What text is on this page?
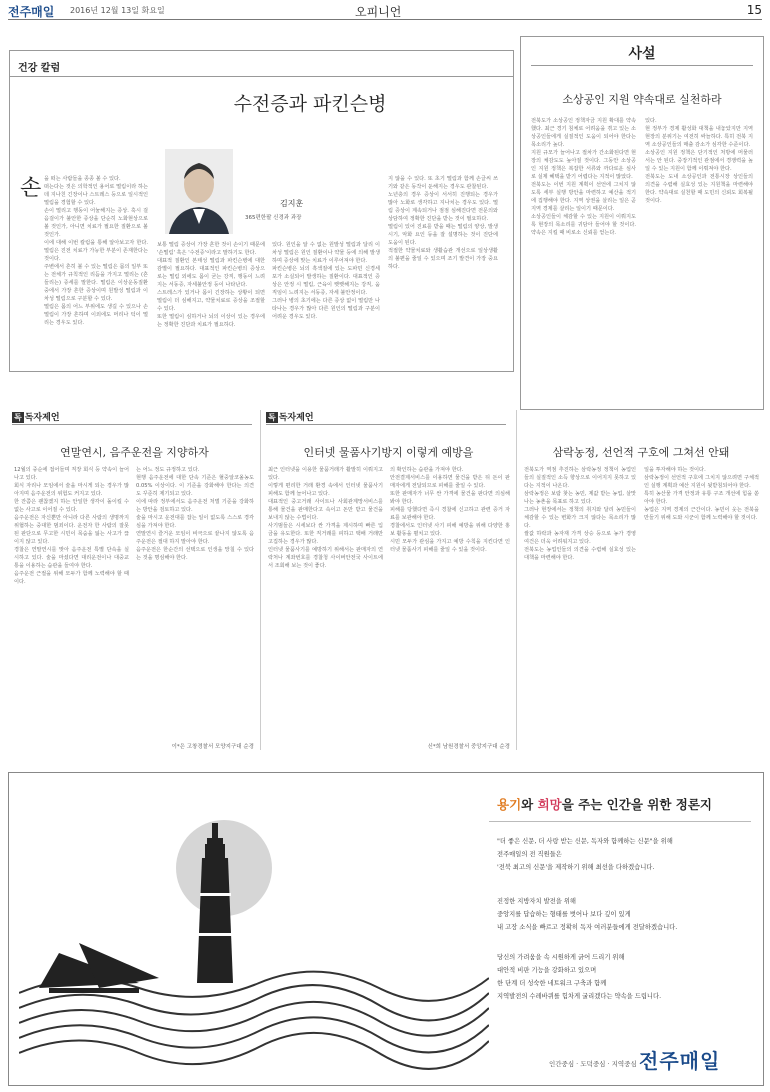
전주매일 2016년 12월 13일 화요일	오피니언	15
건강 칼럼
수전증과 파킨슨병
김지훈
365편한팔 신경과 과장
손 을 떠는 사람들을 종종 볼 수 있다.
떠는다는 것은 의학적인 용어로 떨림이라 하는데 지나친 긴장이나 스트레스 등으로 일시적인 떨림을 경험할 수 있다.
손이 떨리고 행동이 어눌해지는 증상. 혹시 걸음걸이가 불안한 증상을 단순히 노화현상으로 볼 것인가, 아니면 치료가 필요한 질환으로 볼 것인가.
이에 대해 이번 칼럼을 통해 알아보고자 한다. 떨림은 진전 치료가 가능한 부분이 존재한다는 것이다.
주변에서 흔히 볼 수 있는 떨림은 몸의 일부 또는 전체가 규칙적인 리듬을 가지고 떨리는 (흔들리는) 증세를 말한다. 떨림은 이상운동질환 중에서 가장 흔한 증상이며 원발성 떨림과 이차성 떨림으로 구분할 수 있다.
떨림은 몸의 어느 부위에도 생길 수 있으나 손떨림이 가장 흔하며 이외에도 머리나 턱이 떨리는 경우도 있다.
보통 떨림 증상이 가장 흔한 것이 손이기 때문에 '손떨림' 혹은 '수전증'이라고 말하기도 한다.
대표적 질환인 본태성 떨림과 파킨슨병에 대한 감별이 필요하다. 대표적인 파킨슨병의 증상으로는 떨림 외에도 몸이 굳는 강직, 행동이 느려지는 서동증, 자세불안정 등이 나타난다.
스트레스가 있거나 몸이 긴장하는 상황이 되면 떨림이 더 심해지고, 약물치료로 증상을 조절할 수 있다.
또한 떨림이 심하거나 뇌의 이상이 있는 경우에는 정확한 진단과 치료가 필요하다.
있다. 원인을 알 수 없는 원발성 떨림과 달리 이차성 떨림은 원인 질환이나 약물 등에 의해 발생하며 증상에 맞는 치료가 이루어져야 한다.
파킨슨병은 뇌의 흑색질에 있는 도파민 신경세포가 소실되어 발생하는 질환이다. 대표적인 증상은 안정 시 떨림, 근육이 뻣뻣해지는 강직, 움직임이 느려지는 서동증, 자세 불안정이다.
그러나 병의 초기에는 다른 증상 없이 떨림만 나타나는 경우가 많아 다른 원인의 떨림과 구분이 어려운 경우도 있다.
지 않을 수 있다. 또 초기 떨림과 함께 손글씨 쓰기와 같은 동작이 둔해지는 경우도 관찰된다.
노년층의 경우 증상이 서서히 진행되는 경우가 많아 노화로 생각하고 지나치는 경우도 있다. 떨림 증상이 계속되거나 점점 심해진다면 전문의와 상담하여 정확한 진단을 받는 것이 필요하다.
떨림이 있어 진료를 받을 때는 떨림의 양상, 발생 시기, 악화 요인 등을 잘 설명하는 것이 진단에 도움이 된다.
적절한 약물치료와 생활습관 개선으로 일상생활의 불편을 줄일 수 있으며 조기 발견이 가장 중요하다.
사설
소상공인 지원 약속대로 실천하라
전북도가 소상공인 정책자금 지원 확대를 약속했다. 최근 경기 침체로 어려움을 겪고 있는 소상공인들에게 실질적인 도움이 되어야 한다는 목소리가 높다.
지원 규모가 늘어나고 절차가 간소화된다면 현장의 체감도도 높아질 것이다. 그동안 소상공인 지원 정책은 복잡한 서류와 까다로운 심사로 실제 혜택을 받기 어렵다는 지적이 많았다.
전북도는 이번 지원 계획이 선언에 그치지 않도록 세부 실행 방안을 마련하고 예산을 적기에 집행해야 한다. 지역 상권을 살리는 일은 곧 지역 경제를 살리는 일이기 때문이다.
소상공인들이 체감할 수 있는 지원이 이뤄지도록 현장의 목소리를 귀담아 들어야 할 것이다. 약속은 지킬 때 비로소 신뢰를 얻는다.
있다.
현 정부가 경제 활성화 대책을 내놓았지만 지역 현장의 분위기는 여전히 싸늘하다. 특히 전북 지역 소상공인들의 매출 감소가 심각한 수준이다.
소상공인 지원 정책은 단기적인 처방에 머물러서는 안 된다. 중장기적인 관점에서 경쟁력을 높일 수 있는 지원이 함께 이뤄져야 한다.
전북도는 도내 소상공인과 전통시장 상인들의 의견을 수렴해 실효성 있는 지원책을 마련해야 한다. 약속대로 실천할 때 도민의 신뢰도 회복될 것이다.
독 독자제언
연말연시, 음주운전을 지양하자
12월의 중순에 접어들며 직장 회식 등 약속이 늘어나고 있다.
회식 자리나 모임에서 술을 마시게 되는 경우가 많아지며 음주운전의 위험도 커지고 있다.
한 잔쯤은 괜찮겠지 하는 안일한 생각이 돌이킬 수 없는 사고로 이어질 수 있다.
음주운전은 자신뿐만 아니라 다른 사람의 생명까지 위협하는 중대한 범죄이다. 운전자 한 사람의 잘못된 판단으로 무고한 시민이 목숨을 잃는 사고가 끊이지 않고 있다.
경찰은 연말연시를 맞아 음주운전 특별 단속을 실시하고 있다. 술을 마셨다면 대리운전이나 대중교통을 이용하는 습관을 들여야 한다.
음주운전 근절을 위해 모두가 함께 노력해야 할 때이다.
는 어느 정도 규정하고 있다.
현행 음주운전에 대한 단속 기준은 혈중알코올농도 0.05% 이상이다. 이 기준을 강화해야 한다는 의견도 꾸준히 제기되고 있다.
이에 따라 정부에서도 음주운전 처벌 기준을 강화하는 방안을 검토하고 있다.
술을 마시고 운전대를 잡는 일이 없도록 스스로 경각심을 가져야 한다.
연말연시 즐거운 모임이 비극으로 끝나지 않도록 음주운전은 절대 하지 말아야 한다.
음주운전은 한순간의 선택으로 인생을 망칠 수 있다는 것을 명심해야 한다.
이*은 고창경찰서 모양지구대 순경
독 독자제언
인터넷 물품사기방지 이렇게 예방을
최근 인터넷을 이용한 물품거래가 활발히 이뤄지고 있다.
이렇게 편리한 거래 환경 속에서 인터넷 물품사기 피해도 함께 늘어나고 있다.
대표적인 중고거래 사이트나 사회관계망서비스를 통해 물건을 판매한다고 속이고 돈만 받고 물건을 보내지 않는 수법이다.
사기범들은 시세보다 싼 가격을 제시하며 빠른 입금을 유도한다. 또한 직거래를 피하고 택배 거래만 고집하는 경우가 많다.
인터넷 물품사기를 예방하기 위해서는 판매자의 연락처나 계좌번호를 경찰청 사이버안전국 사이트에서 조회해 보는 것이 좋다.
의 확인하는 습관을 가져야 한다.
안전결제서비스를 이용하면 물건을 받은 뒤 돈이 판매자에게 전달되므로 피해를 줄일 수 있다.
또한 판매자가 너무 싼 가격에 물건을 판다면 의심해 봐야 한다.
피해를 당했다면 즉시 경찰에 신고하고 관련 증거 자료를 보관해야 한다.
경찰에서도 인터넷 사기 피해 예방을 위해 다양한 홍보 활동을 펼치고 있다.
시민 모두가 관심을 가지고 예방 수칙을 지킨다면 인터넷 물품사기 피해를 줄일 수 있을 것이다.
신*희 남원경찰서 중앙지구대 순경
삼락농정, 선언적 구호에 그쳐선 안돼
전북도가 역점 추진하는 삼락농정 정책이 농업인들의 실질적인 소득 향상으로 이어지지 못하고 있다는 지적이 나온다.
삼락농정은 보람 찾는 농민, 제값 받는 농업, 살맛 나는 농촌을 목표로 하고 있다.
그러나 현장에서는 정책의 취지와 달리 농민들이 체감할 수 있는 변화가 크지 않다는 목소리가 많다.
쌀값 하락과 농자재 가격 상승 등으로 농가 경영 여건은 더욱 어려워지고 있다.
전북도는 농업인들의 의견을 수렴해 실효성 있는 대책을 마련해야 한다.
일을 투자해야 하는 것이다.
삼락농정이 선언적 구호에 그치지 않으려면 구체적인 실행 계획과 예산 지원이 뒷받침되어야 한다.
특히 농산물 가격 안정과 유통 구조 개선에 힘을 쏟아야 한다.
농업은 지역 경제의 근간이다. 농민이 웃는 전북을 만들기 위해 도와 시군이 함께 노력해야 할 것이다.
용기와 희망을 주는 인간을 위한 정론지
"더 좋은 신문, 더 사랑 받는 신문, 독자와 함께하는 신문"을 위해
전주매일의 전 직원들은
'전북 최고의 신문'을 제작하기 위해 최선을 다하겠습니다.
진정한 지방자치 발전을 위해
중앙지를 답습하는 형태를 벗어나 보다 깊이 있게
내 고장 소식을 빠르고 정확히 독자 여러분들에게 전달하겠습니다.
당신의 가려움을 속 시원하게 긁어 드리기 위해
대안적 비판 기능을 강화하고 있으며
한 단계 더 성숙한 네트워크 구축과 함께
지역발전의 수레바퀴를 힘차게 굴리겠다는 약속을 드립니다.
인간중심 · 도덕중심 · 지역중심 전주매일
